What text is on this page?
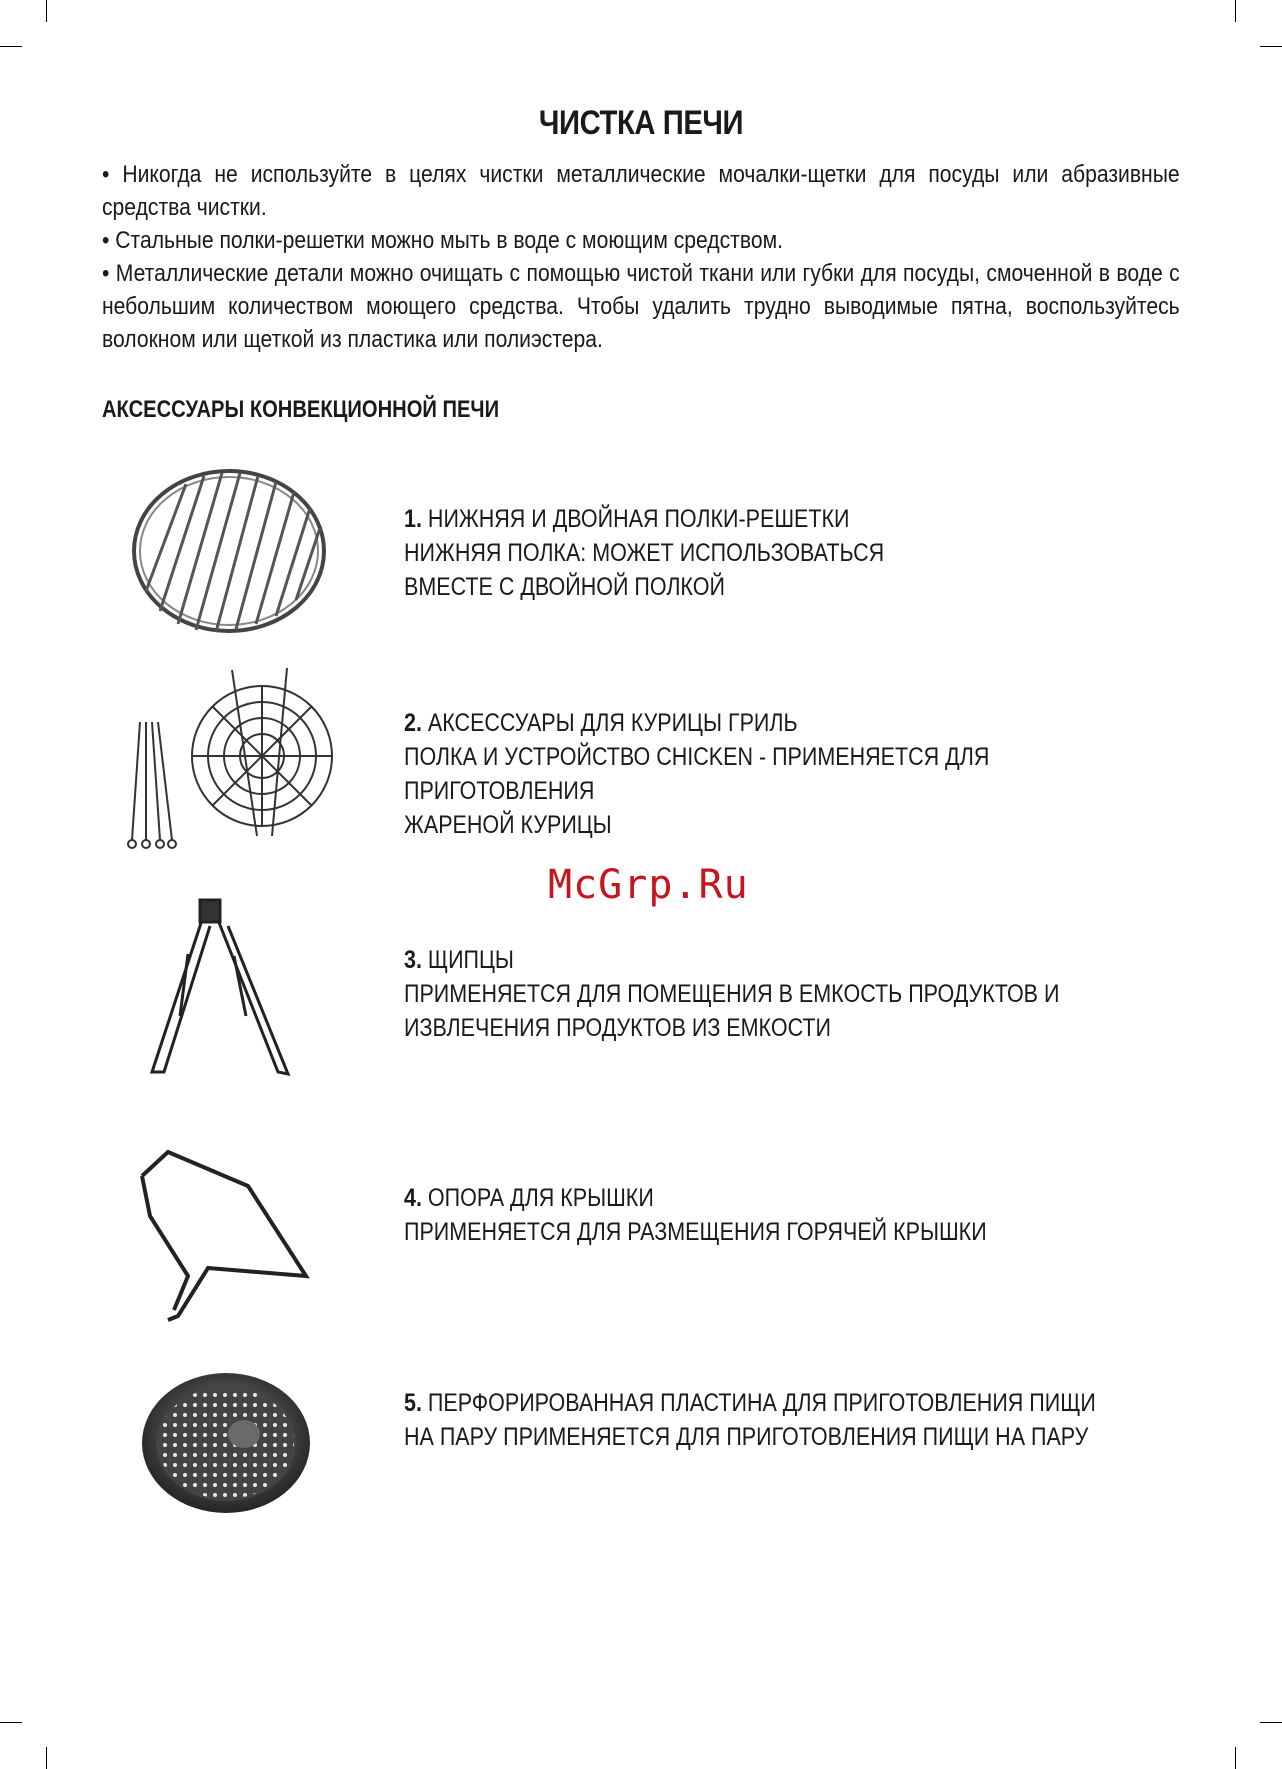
ЧИСТКА ПЕЧИ

• Никогда не используйте в целях чистки металлические мочалки-щетки для посуды или абразивные средства чистки.

• Стальные полки-решетки можно мыть в воде с моющим средством.

• Металлические детали можно очищать с помощью чистой ткани или губки для посуды, смоченной в воде с небольшим количеством моющего средства. Чтобы удалить трудно выводимые пятна, воспользуйтесь волокном или щеткой из пластика или полиэстера.

АКСЕССУАРЫ КОНВЕКЦИОННОЙ ПЕЧИ
1. НИЖНЯЯ И ДВОЙНАЯ ПОЛКИ-РЕШЕТКИ
НИЖНЯЯ ПОЛКА: МОЖЕТ ИСПОЛЬЗОВАТЬСЯ
ВМЕСТЕ С ДВОЙНОЙ ПОЛКОЙ
2. АКСЕССУАРЫ ДЛЯ КУРИЦЫ ГРИЛЬ
ПОЛКА И УСТРОЙСТВО CHICKEN - ПРИМЕНЯЕТСЯ ДЛЯ
ПРИГОТОВЛЕНИЯ
ЖАРЕНОЙ КУРИЦЫ
McGrp.Ru
3. ЩИПЦЫ
ПРИМЕНЯЕТСЯ ДЛЯ ПОМЕЩЕНИЯ В ЕМКОСТЬ ПРОДУКТОВ И
ИЗВЛЕЧЕНИЯ ПРОДУКТОВ ИЗ ЕМКОСТИ
4. ОПОРА ДЛЯ КРЫШКИ
ПРИМЕНЯЕТСЯ ДЛЯ РАЗМЕЩЕНИЯ ГОРЯЧЕЙ КРЫШКИ
5. ПЕРФОРИРОВАННАЯ ПЛАСТИНА ДЛЯ ПРИГОТОВЛЕНИЯ ПИЩИ
НА ПАРУ ПРИМЕНЯЕТСЯ ДЛЯ ПРИГОТОВЛЕНИЯ ПИЩИ НА ПАРУ
